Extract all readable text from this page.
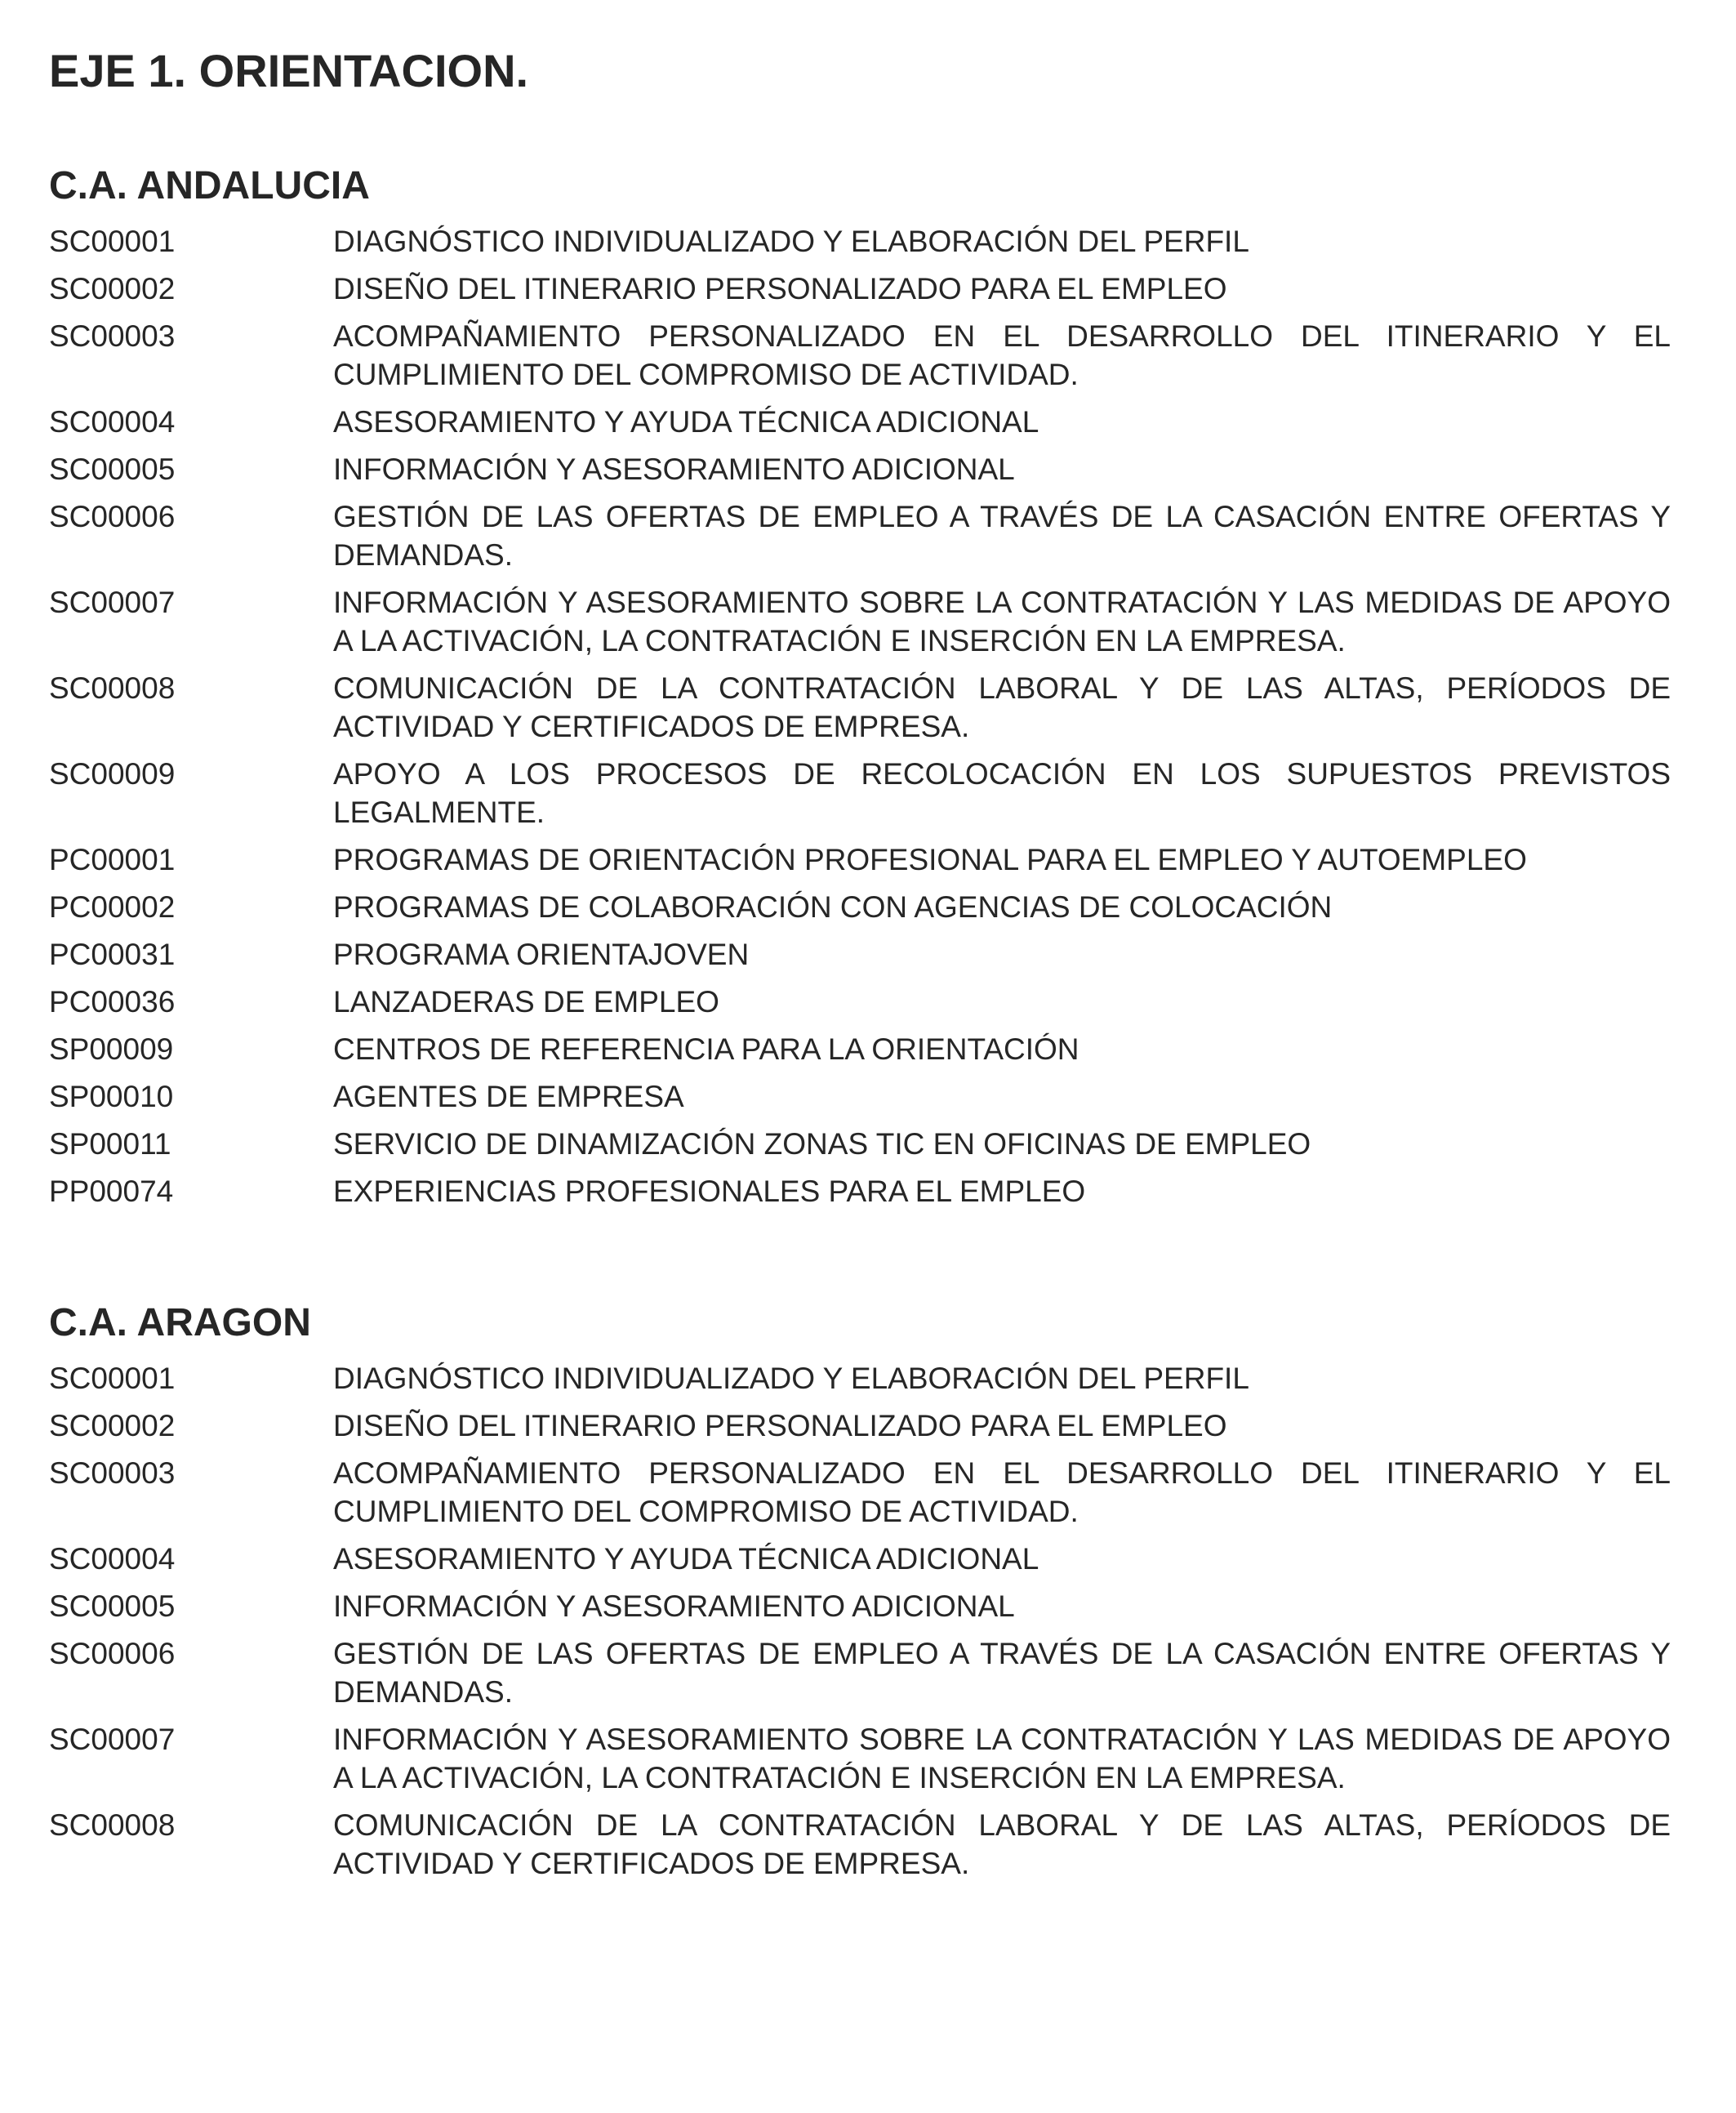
EJE 1. ORIENTACION.
C.A. ANDALUCIA
SC00001	DIAGNÓSTICO INDIVIDUALIZADO Y ELABORACIÓN DEL PERFIL
SC00002	DISEÑO DEL ITINERARIO PERSONALIZADO PARA EL EMPLEO
SC00003	ACOMPAÑAMIENTO PERSONALIZADO EN EL DESARROLLO DEL ITINERARIO Y EL CUMPLIMIENTO DEL COMPROMISO DE ACTIVIDAD.
SC00004	ASESORAMIENTO Y AYUDA TÉCNICA ADICIONAL
SC00005	INFORMACIÓN Y ASESORAMIENTO ADICIONAL
SC00006	GESTIÓN DE LAS OFERTAS DE EMPLEO A TRAVÉS DE LA CASACIÓN ENTRE OFERTAS Y DEMANDAS.
SC00007	INFORMACIÓN Y ASESORAMIENTO SOBRE LA CONTRATACIÓN Y LAS MEDIDAS DE APOYO A LA ACTIVACIÓN, LA CONTRATACIÓN E INSERCIÓN EN LA EMPRESA.
SC00008	COMUNICACIÓN DE LA CONTRATACIÓN LABORAL Y DE LAS ALTAS, PERÍODOS DE ACTIVIDAD Y CERTIFICADOS DE EMPRESA.
SC00009	APOYO A LOS PROCESOS DE RECOLOCACIÓN EN LOS SUPUESTOS PREVISTOS LEGALMENTE.
PC00001	PROGRAMAS DE ORIENTACIÓN PROFESIONAL PARA EL EMPLEO Y AUTOEMPLEO
PC00002	PROGRAMAS DE COLABORACIÓN CON AGENCIAS DE COLOCACIÓN
PC00031	PROGRAMA ORIENTAJOVEN
PC00036	LANZADERAS DE EMPLEO
SP00009	CENTROS DE REFERENCIA PARA LA ORIENTACIÓN
SP00010	AGENTES DE EMPRESA
SP00011	SERVICIO DE DINAMIZACIÓN ZONAS TIC EN OFICINAS DE EMPLEO
PP00074	EXPERIENCIAS PROFESIONALES PARA EL EMPLEO
C.A. ARAGON
SC00001	DIAGNÓSTICO INDIVIDUALIZADO Y ELABORACIÓN DEL PERFIL
SC00002	DISEÑO DEL ITINERARIO PERSONALIZADO PARA EL EMPLEO
SC00003	ACOMPAÑAMIENTO PERSONALIZADO EN EL DESARROLLO DEL ITINERARIO Y EL CUMPLIMIENTO DEL COMPROMISO DE ACTIVIDAD.
SC00004	ASESORAMIENTO Y AYUDA TÉCNICA ADICIONAL
SC00005	INFORMACIÓN Y ASESORAMIENTO ADICIONAL
SC00006	GESTIÓN DE LAS OFERTAS DE EMPLEO A TRAVÉS DE LA CASACIÓN ENTRE OFERTAS Y DEMANDAS.
SC00007	INFORMACIÓN Y ASESORAMIENTO SOBRE LA CONTRATACIÓN Y LAS MEDIDAS DE APOYO A LA ACTIVACIÓN, LA CONTRATACIÓN E INSERCIÓN EN LA EMPRESA.
SC00008	COMUNICACIÓN DE LA CONTRATACIÓN LABORAL Y DE LAS ALTAS, PERÍODOS DE ACTIVIDAD Y CERTIFICADOS DE EMPRESA.
